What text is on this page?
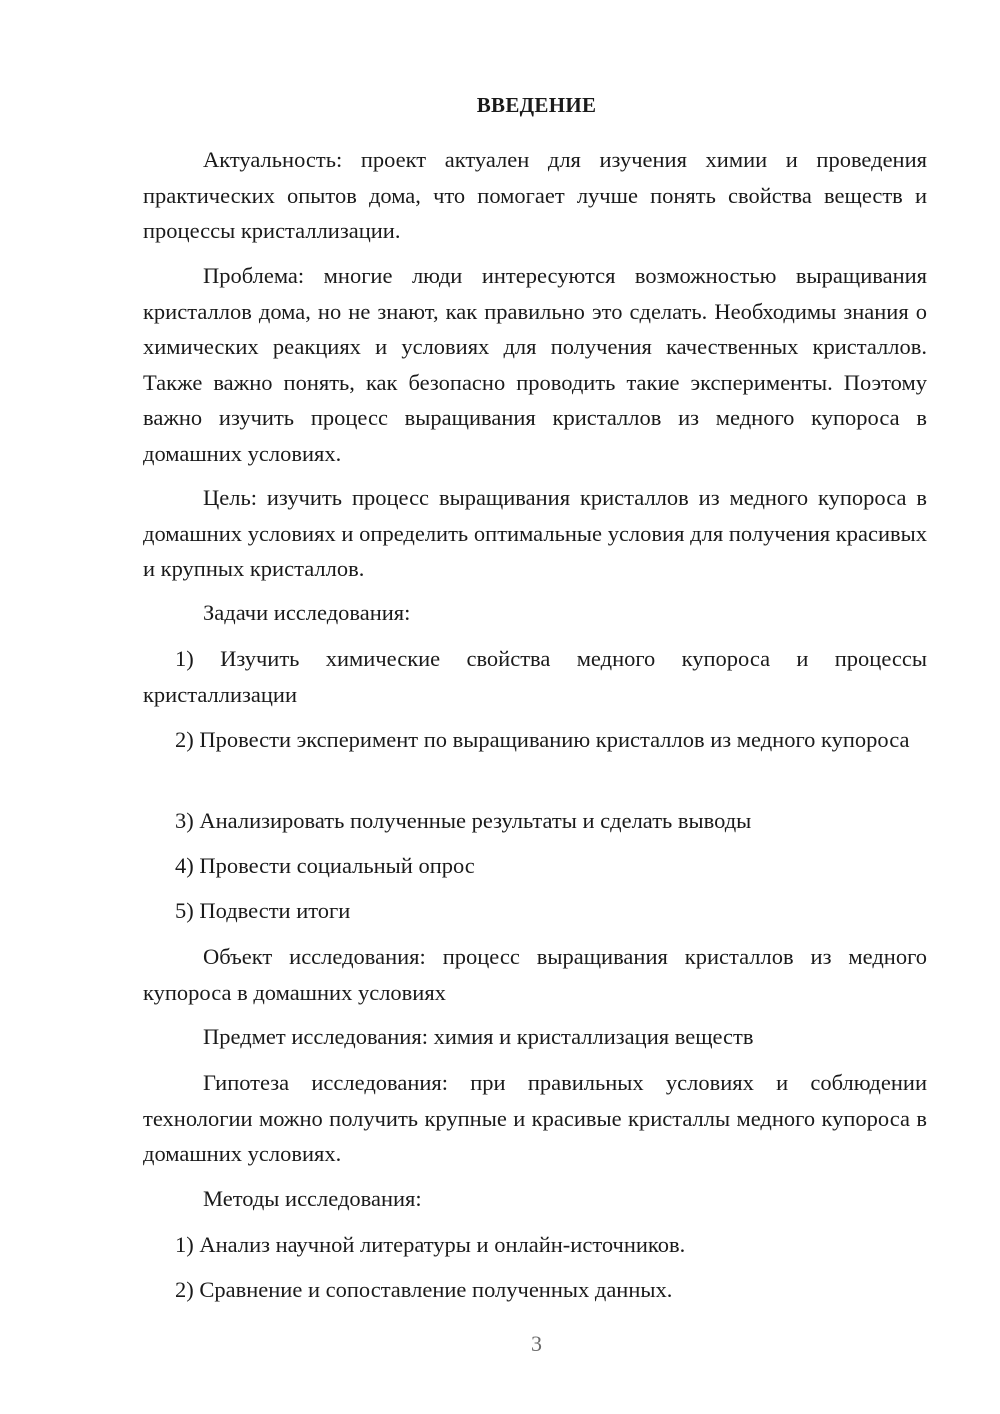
ВВЕДЕНИЕ

Актуальность: проект актуален для изучения химии и проведения практических опытов дома, что помогает лучше понять свойства веществ и процессы кристаллизации.

Проблема: многие люди интересуются возможностью выращивания кристаллов дома, но не знают, как правильно это сделать. Необходимы знания о химических реакциях и условиях для получения качественных кристаллов. Также важно понять, как безопасно проводить такие эксперименты. Поэтому важно изучить процесс выращивания кристаллов из медного купороса в домашних условиях.

Цель: изучить процесс выращивания кристаллов из медного купороса в домашних условиях и определить оптимальные условия для получения красивых и крупных кристаллов.

Задачи исследования:

1) Изучить химические свойства медного купороса и процессы кристаллизации

2) Провести эксперимент по выращиванию кристаллов из медного купороса

3) Анализировать полученные результаты и сделать выводы

4) Провести социальный опрос

5) Подвести итоги

Объект исследования: процесс выращивания кристаллов из медного купороса в домашних условиях

Предмет исследования: химия и кристаллизация веществ

Гипотеза исследования: при правильных условиях и соблюдении технологии можно получить крупные и красивые кристаллы медного купороса в домашних условиях.

Методы исследования:

1) Анализ научной литературы и онлайн-источников.

2) Сравнение и сопоставление полученных данных.

3
